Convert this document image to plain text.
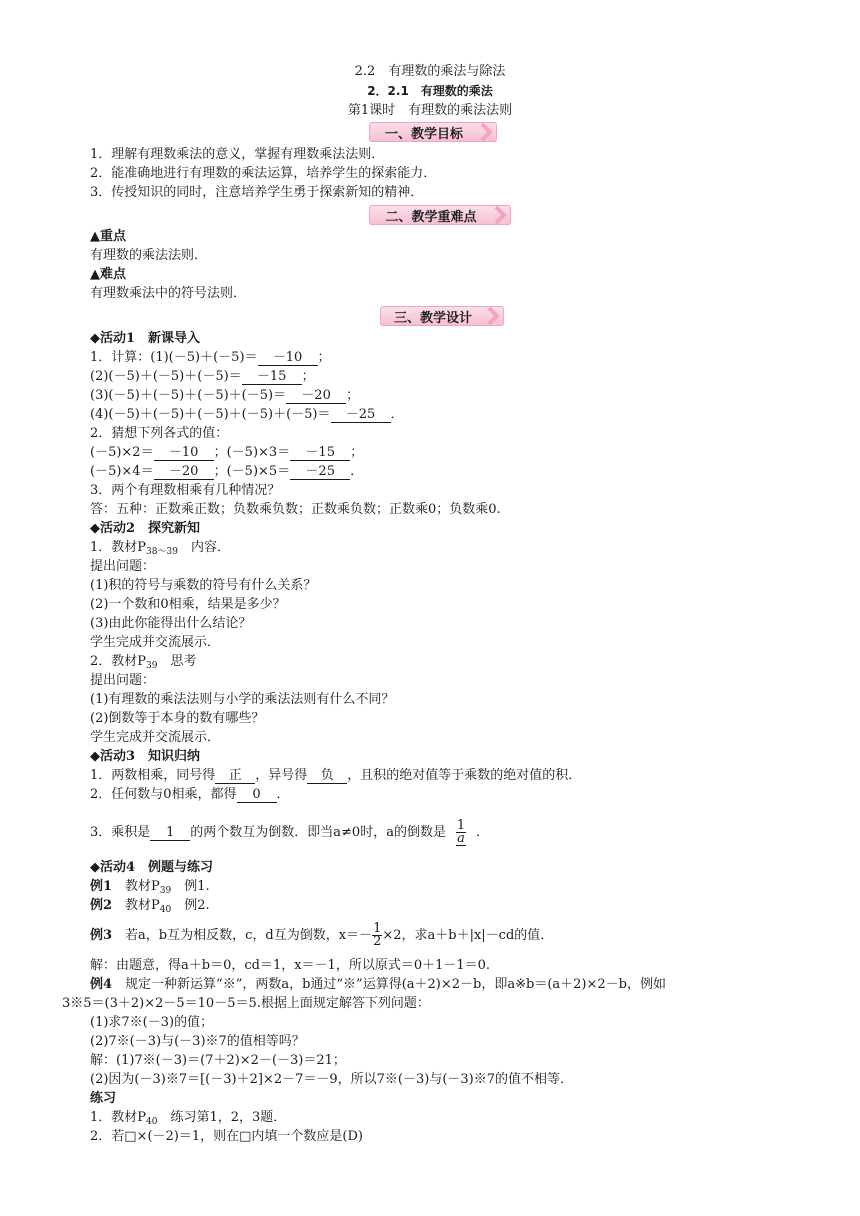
2.2　有理数的乘法与除法
2．2.1　有理数的乘法
第1课时　有理数的乘法法则
一、教学目标
1．理解有理数乘法的意义，掌握有理数乘法法则．
2．能准确地进行有理数的乘法运算，培养学生的探索能力．
3．传授知识的同时，注意培养学生勇于探索新知的精神．
二、教学重难点
▲重点
有理数的乘法法则．
▲难点
有理数乘法中的符号法则．
三、教学设计
◆活动1　新课导入
1．计算：(1)(－5)＋(－5)＝ －10 ；
(2)(－5)＋(－5)＋(－5)＝ －15 ；
(3)(－5)＋(－5)＋(－5)＋(－5)＝ －20 ；
(4)(－5)＋(－5)＋(－5)＋(－5)＋(－5)＝ －25 ．
2．猜想下列各式的值：
(－5)×2＝ －10 ；(－5)×3＝ －15 ；
(－5)×4＝ －20 ；(－5)×5＝ －25 ．
3．两个有理数相乘有几种情况？
答：五种：正数乘正数；负数乘负数；正数乘负数；正数乘0；负数乘0.
◆活动2　探究新知
1．教材$P_{38\sim 39}$　内容．
提出问题：
(1)积的符号与乘数的符号有什么关系？
(2)一个数和0相乘，结果是多少？
(3)由此你能得出什么结论？
学生完成并交流展示．
2．教材$P_{39}$　思考
提出问题：
(1)有理数的乘法法则与小学的乘法法则有什么不同？
(2)倒数等于本身的数有哪些？
学生完成并交流展示．
◆活动3　知识归纳
1．两数相乘，同号得 正 ，异号得 负 ，且积的绝对值等于乘数的绝对值的积．
2．任何数与0相乘，都得 0 ．
3．乘积是 1 的两个数互为倒数．即当a≠0时，a的倒数是 $\frac{1}{a}$ ．
◆活动4　例题与练习
例1　教材$P_{39}$　例1.
例2　教材$P_{40}$　例2.
例3　若a，b互为相反数，c，d互为倒数，$x=- \frac{1}{2} \times 2$，求a＋b＋|x|－cd的值．
解：由题意，得a＋b＝0，cd＝1，x＝－1，所以原式＝0＋1－1＝0.
例4　规定一种新运算“※”，两数a，b通过“※”运算得(a＋2)×2－b，即a※b＝(a＋2)×2－b，例如
3※5＝(3＋2)×2－5＝10－5＝5.根据上面规定解答下列问题：
(1)求7※(－3)的值；
(2)7※(－3)与(－3)※7的值相等吗？
解：(1)7※(－3)＝(7＋2)×2－(－3)＝21；
(2)因为(－3)※7＝[(－3)＋2]×2－7＝－9，所以7※(－3)与(－3)※7的值不相等．
练习
1．教材$P_{40}$　练习第1，2，3题．
2．若□×(－2)＝1，则在□内填一个数应是(D)
